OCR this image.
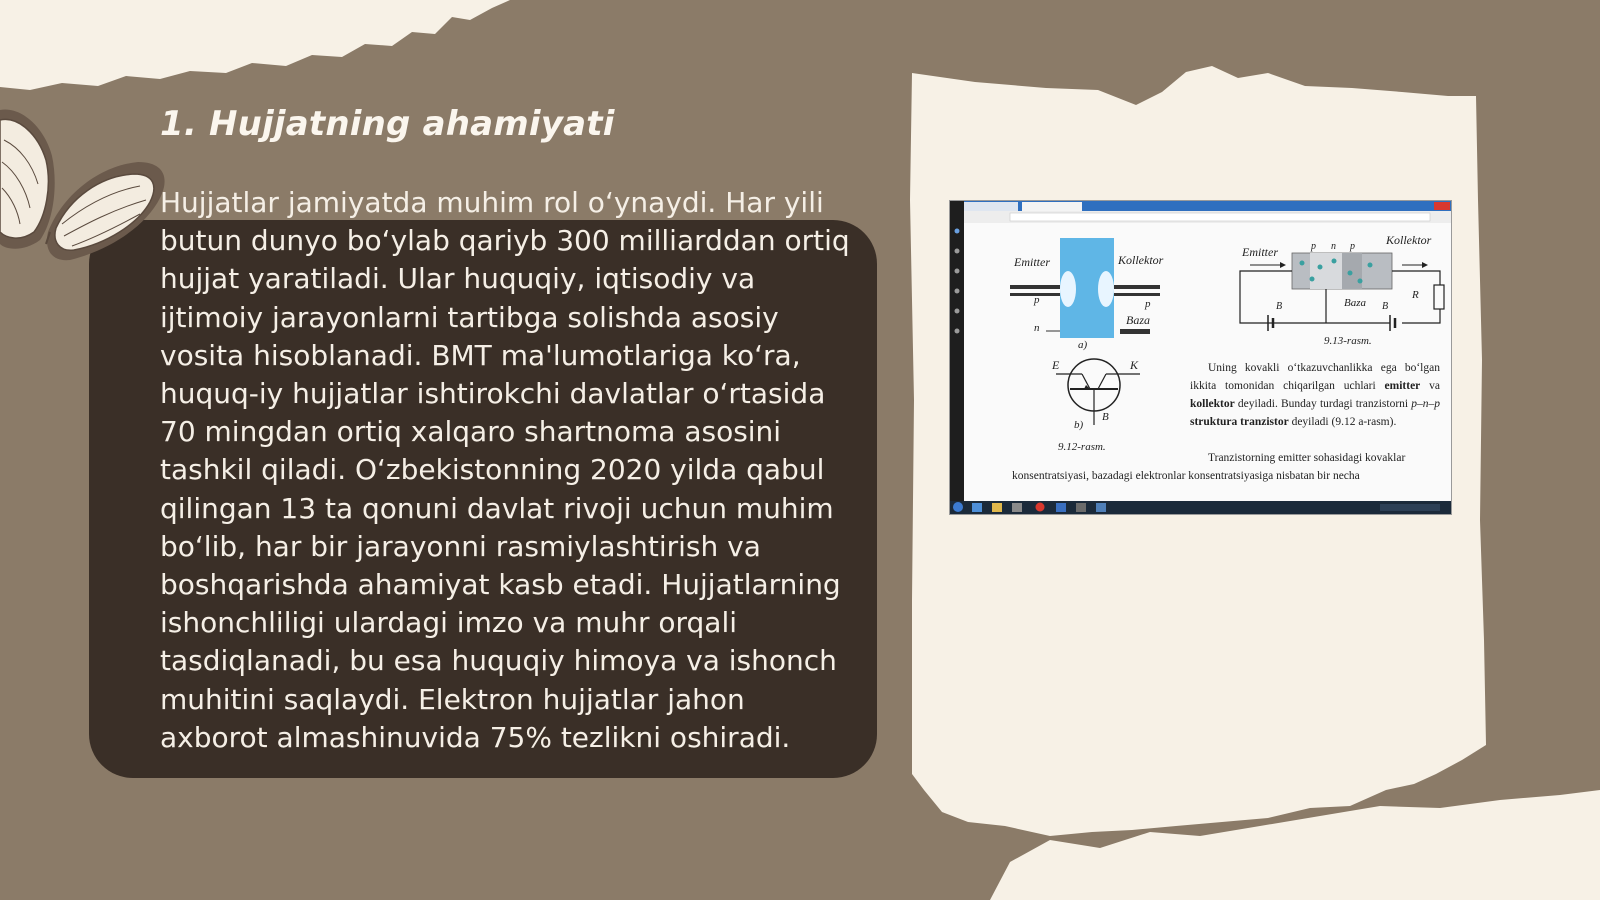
1. Hujjatning ahamiyati

Hujjatlar jamiyatda muhim rol o‘ynaydi. Har yili butun dunyo bo‘ylab qariyb 300 milliarddan ortiq hujjat yaratiladi. Ular huquqiy, iqtisodiy va ijtimoiy jarayonlarni tartibga solishda asosiy vosita hisoblanadi. BMT ma'lumotlariga ko‘ra, huquq-iy hujjatlar ishtirokchi davlatlar o‘rtasida 70 mingdan ortiq xalqaro shartnoma asosini tashkil qiladi. O‘zbekistonning 2020 yilda qabul qilingan 13 ta qonuni davlat rivoji uchun muhim bo‘lib, har bir jarayonni rasmiylashtirish va boshqarishda ahamiyat kasb etadi. Hujjatlarning ishonchliligi ulardagi imzo va muhr orqali tasdiqlanadi, bu esa huquqiy himoya va ishonch muhitini saqlaydi. Elektron hujjatlar jahon axborot almashinuvida 75% tezlikni oshiradi.

Emitter	Kollektor
p
n
p
Baza
a)
E	K
B
b)
9.12-rasm.
Emitter
Kollektor
p n p
Baza
R
B	B
9.13-rasm.

Uning kovakli o‘tkazuvchanlikka ega bo‘lgan ikkita tomonidan chiqarilgan uchlari emitter va kollektor deyiladi. Bunday turdagi tranzistorni p–n–p struktura tranzistor deyiladi (9.12 a-rasm).

Tranzistorning emitter sohasidagi kovaklar

konsentratsiyasi, bazadagi elektronlar konsentratsiyasiga nisbatan bir necha
